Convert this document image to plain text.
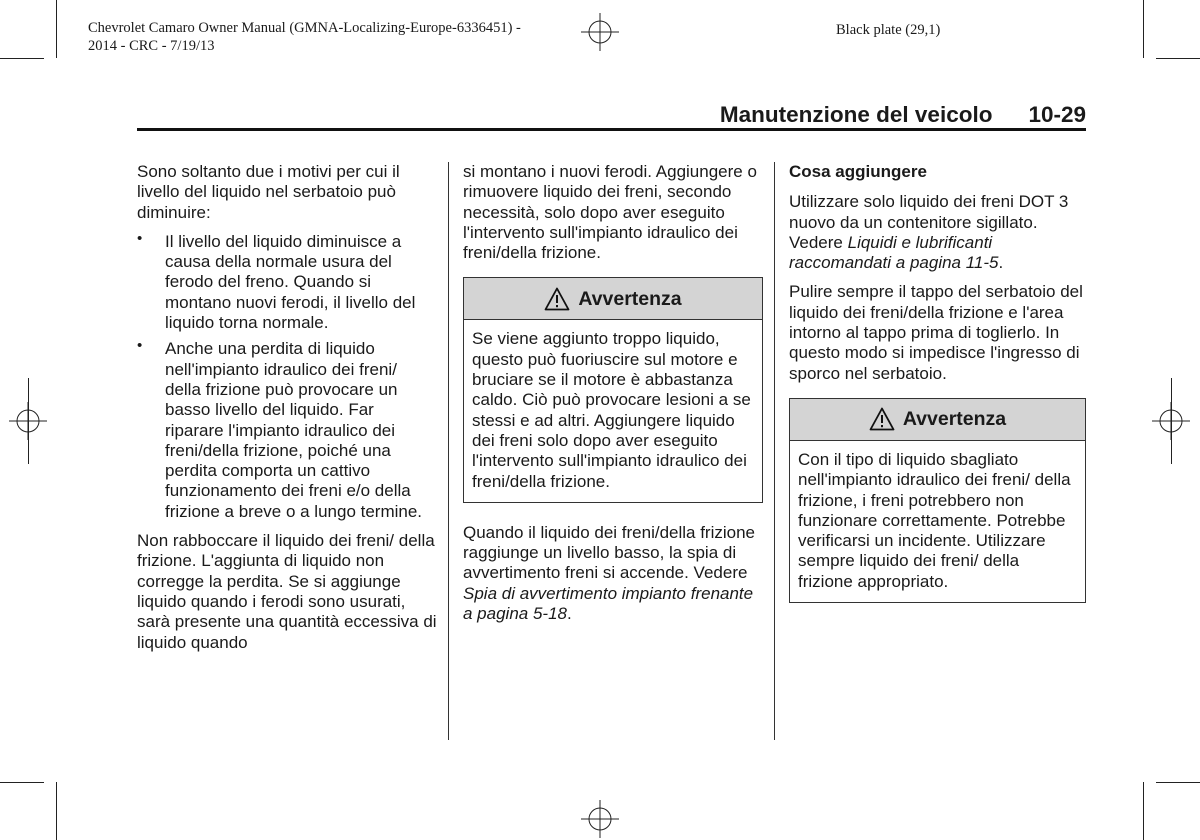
Chevrolet Camaro Owner Manual (GMNA-Localizing-Europe-6336451) -
2014 - CRC - 7/19/13
Black plate (29,1)
Manutenzione del veicolo 10-29

Sono soltanto due i motivi per cui il livello del liquido nel serbatoio può diminuire:

• Il livello del liquido diminuisce a causa della normale usura del ferodo del freno. Quando si montano nuovi ferodi, il livello del liquido torna normale.
• Anche una perdita di liquido nell'impianto idraulico dei freni/ della frizione può provocare un basso livello del liquido. Far riparare l'impianto idraulico dei freni/della frizione, poiché una perdita comporta un cattivo funzionamento dei freni e/o della frizione a breve o a lungo termine.

Non rabboccare il liquido dei freni/ della frizione. L'aggiunta di liquido non corregge la perdita. Se si aggiunge liquido quando i ferodi sono usurati, sarà presente una quantità eccessiva di liquido quando

si montano i nuovi ferodi. Aggiungere o rimuovere liquido dei freni, secondo necessità, solo dopo aver eseguito l'intervento sull'impianto idraulico dei freni/della frizione.

Avvertenza
Se viene aggiunto troppo liquido, questo può fuoriuscire sul motore e bruciare se il motore è abbastanza caldo. Ciò può provocare lesioni a se stessi e ad altri. Aggiungere liquido dei freni solo dopo aver eseguito l'intervento sull'impianto idraulico dei freni/della frizione.

Quando il liquido dei freni/della frizione raggiunge un livello basso, la spia di avvertimento freni si accende. Vedere Spia di avvertimento impianto frenante a pagina 5-18.

Cosa aggiungere

Utilizzare solo liquido dei freni DOT 3 nuovo da un contenitore sigillato. Vedere Liquidi e lubrificanti raccomandati a pagina 11-5.

Pulire sempre il tappo del serbatoio del liquido dei freni/della frizione e l'area intorno al tappo prima di toglierlo. In questo modo si impedisce l'ingresso di sporco nel serbatoio.

Avvertenza
Con il tipo di liquido sbagliato nell'impianto idraulico dei freni/ della frizione, i freni potrebbero non funzionare correttamente. Potrebbe verificarsi un incidente. Utilizzare sempre liquido dei freni/ della frizione appropriato.
